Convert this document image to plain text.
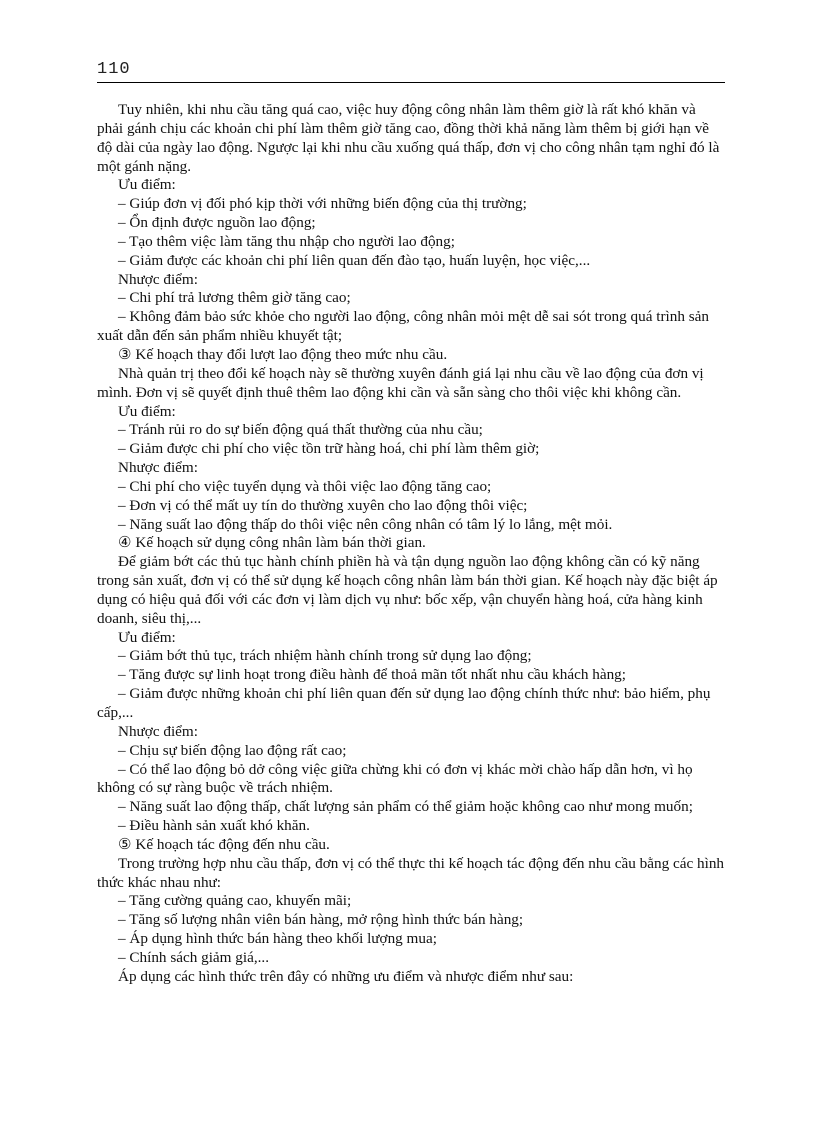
110

Tuy nhiên, khi nhu cầu tăng quá cao, việc huy động công nhân làm thêm giờ là rất khó khăn và phải gánh chịu các khoản chi phí làm thêm giờ tăng cao, đồng thời khả năng làm thêm bị giới hạn về độ dài của ngày lao động. Ngược lại khi nhu cầu xuống quá thấp, đơn vị cho công nhân tạm nghỉ đó là một gánh nặng.

Ưu điểm:

– Giúp đơn vị đối phó kịp thời với những biến động của thị trường;

– Ổn định được nguồn lao động;

– Tạo thêm việc làm tăng thu nhập cho người lao động;

– Giảm được các khoản chi phí liên quan đến đào tạo, huấn luyện, học việc,...

Nhược điểm:

– Chi phí trả lương thêm giờ tăng cao;

– Không đảm bảo sức khỏe cho người lao động, công nhân mỏi mệt dễ sai sót trong quá trình sản xuất dẫn đến sản phẩm nhiều khuyết tật;

③ Kế hoạch thay đổi lượt lao động theo mức nhu cầu.

Nhà quản trị theo đổi kế hoạch này sẽ thường xuyên đánh giá lại nhu cầu về lao động của đơn vị mình. Đơn vị sẽ quyết định thuê thêm lao động khi cần và sẵn sàng cho thôi việc khi không cần.

Ưu điểm:

– Tránh rủi ro do sự biến động quá thất thường của nhu cầu;

– Giảm được chi phí cho việc tồn trữ hàng hoá, chi phí làm thêm giờ;

Nhược điểm:

– Chi phí cho việc tuyển dụng và thôi việc lao động tăng cao;

– Đơn vị có thể mất uy tín do thường xuyên cho lao động thôi việc;

– Năng suất lao động thấp do thôi việc nên công nhân có tâm lý lo lắng, mệt mỏi.

④ Kế hoạch sử dụng công nhân làm bán thời gian.

Để giảm bớt các thủ tục hành chính phiền hà và tận dụng nguồn lao động không cần có kỹ năng trong sản xuất, đơn vị có thể sử dụng kế hoạch công nhân làm bán thời gian. Kế hoạch này đặc biệt áp dụng có hiệu quả đối với các đơn vị làm dịch vụ như: bốc xếp, vận chuyển hàng hoá, cửa hàng kinh doanh, siêu thị,...

Ưu điểm:

– Giảm bớt thủ tục, trách nhiệm hành chính trong sử dụng lao động;

– Tăng được sự linh hoạt trong điều hành để thoả mãn tốt nhất nhu cầu khách hàng;

– Giảm được những khoản chi phí liên quan đến sử dụng lao động chính thức như: bảo hiểm, phụ cấp,...

Nhược điểm:

– Chịu sự biến động lao động rất cao;

– Có thể lao động bỏ dở công việc giữa chừng khi có đơn vị khác mời chào hấp dẫn hơn, vì họ không có sự ràng buộc về trách nhiệm.

– Năng suất lao động thấp, chất lượng sản phẩm có thể giảm hoặc không cao như mong muốn;

– Điều hành sản xuất khó khăn.

⑤ Kế hoạch tác động đến nhu cầu.

Trong trường hợp nhu cầu thấp, đơn vị có thể thực thi kế hoạch tác động đến nhu cầu bằng các hình thức khác nhau như:

– Tăng cường quảng cao, khuyến mãi;

– Tăng số lượng nhân viên bán hàng, mở rộng hình thức bán hàng;

– Áp dụng hình thức bán hàng theo khối lượng mua;

– Chính sách giảm giá,...

Áp dụng các hình thức trên đây có những ưu điểm và nhược điểm như sau:
